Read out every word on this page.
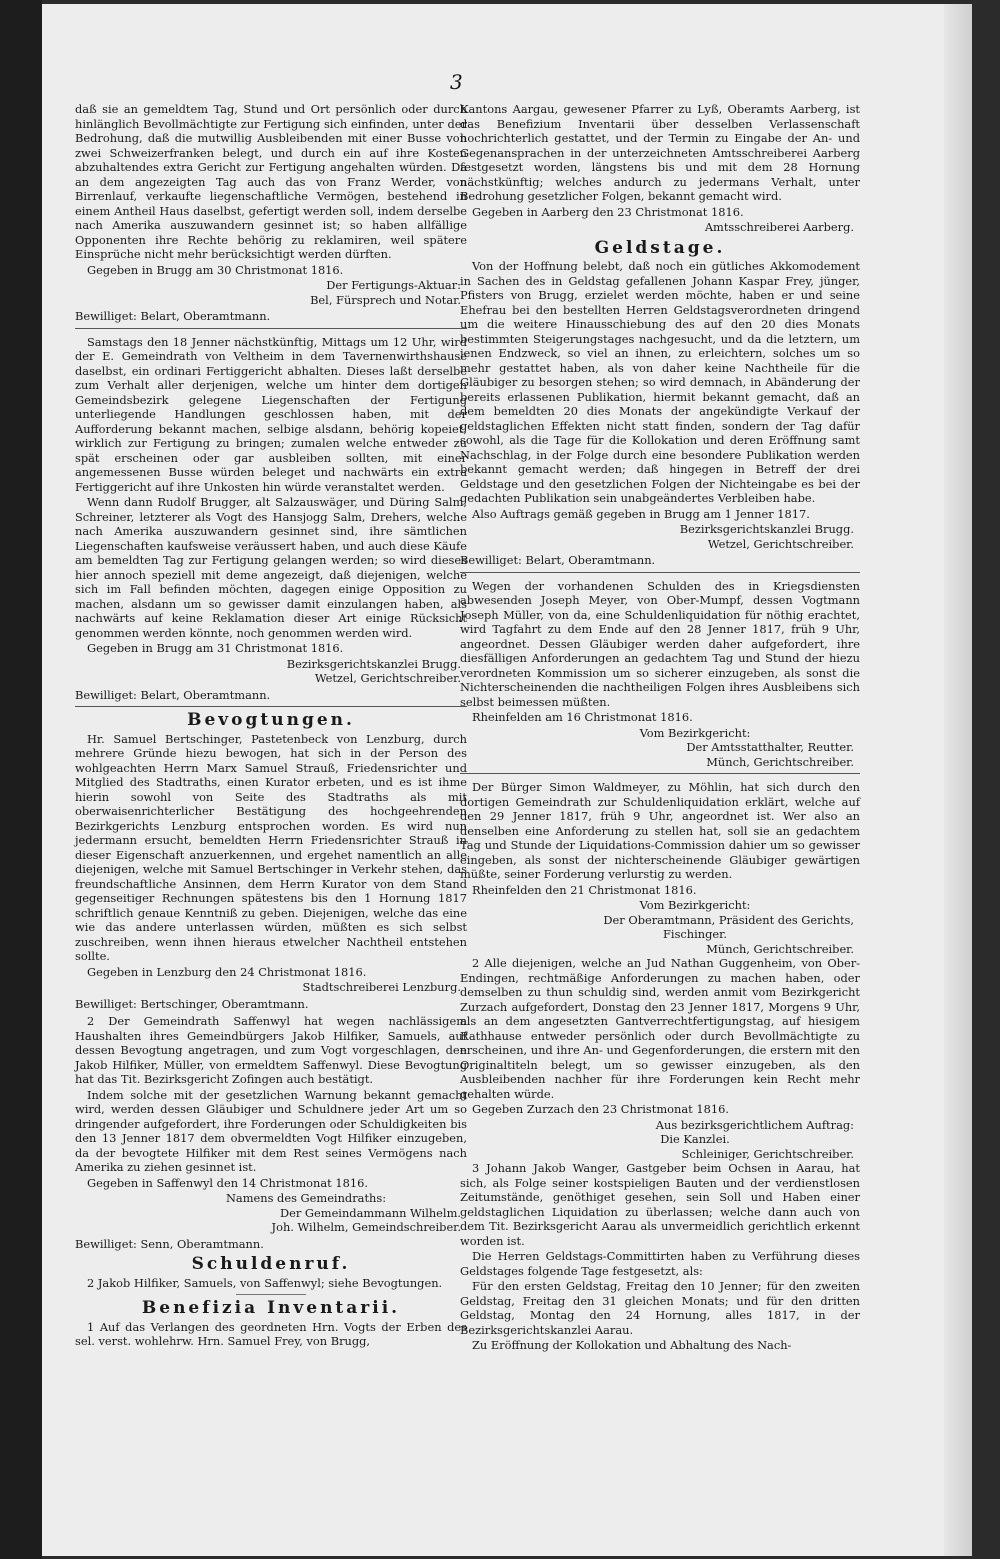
3

daß sie an gemeldtem Tag, Stund und Ort persönlich oder durch hinlänglich Bevollmächtigte zur Fertigung sich einfinden, unter der Bedrohung, daß die mutwillig Ausbleibenden mit einer Busse von zwei Schweizerfranken belegt, und durch ein auf ihre Kosten abzuhaltendes extra Gericht zur Fertigung angehalten würden. Da an dem angezeigten Tag auch das von Franz Werder, von Birrenlauf, verkaufte liegenschaftliche Vermögen, bestehend in einem Antheil Haus daselbst, gefertigt werden soll, indem derselbe nach Amerika auszuwandern gesinnet ist; so haben allfällige Opponenten ihre Rechte behörig zu reklamiren, weil spätere Einsprüche nicht mehr berücksichtigt werden dürften.

Gegeben in Brugg am 30 Christmonat 1816.

Der Fertigungs-Aktuar:

Bel, Fürsprech und Notar.

Bewilliget: Belart, Oberamtmann.

Samstags den 18 Jenner nächstkünftig, Mittags um 12 Uhr, wird der E. Gemeindrath von Veltheim in dem Tavernenwirthshause daselbst, ein ordinari Fertiggericht abhalten. Dieses laßt derselbe zum Verhalt aller derjenigen, welche um hinter dem dortigen Gemeindsbezirk gelegene Liegenschaften der Fertigung unterliegende Handlungen geschlossen haben, mit der Aufforderung bekannt machen, selbige alsdann, behörig kopeiet, wirklich zur Fertigung zu bringen; zumalen welche entweder zu spät erscheinen oder gar ausbleiben sollten, mit einer angemessenen Busse würden beleget und nachwärts ein extra Fertiggericht auf ihre Unkosten hin würde veranstaltet werden.

Wenn dann Rudolf Brugger, alt Salzauswäger, und Düring Salm, Schreiner, letzterer als Vogt des Hansjogg Salm, Drehers, welche nach Amerika auszuwandern gesinnet sind, ihre sämtlichen Liegenschaften kaufsweise veräussert haben, und auch diese Käufe am bemeldten Tag zur Fertigung gelangen werden; so wird dieses hier annoch speziell mit deme angezeigt, daß diejenigen, welche sich im Fall befinden möchten, dagegen einige Opposition zu machen, alsdann um so gewisser damit einzulangen haben, als nachwärts auf keine Reklamation dieser Art einige Rücksicht genommen werden könnte, noch genommen werden wird.

Gegeben in Brugg am 31 Christmonat 1816.

Bezirksgerichtskanzlei Brugg.

Wetzel, Gerichtschreiber.

Bewilliget: Belart, Oberamtmann.

Bevogtungen.

Hr. Samuel Bertschinger, Pastetenbeck von Lenzburg, durch mehrere Gründe hiezu bewogen, hat sich in der Person des wohlgeachten Herrn Marx Samuel Strauß, Friedensrichter und Mitglied des Stadtraths, einen Kurator erbeten, und es ist ihme hierin sowohl von Seite des Stadtraths als mit oberwaisenrichterlicher Bestätigung des hochgeehrenden Bezirkgerichts Lenzburg entsprochen worden. Es wird nun jedermann ersucht, bemeldten Herrn Friedensrichter Strauß in dieser Eigenschaft anzuerkennen, und ergehet namentlich an alle diejenigen, welche mit Samuel Bertschinger in Verkehr stehen, das freundschaftliche Ansinnen, dem Herrn Kurator von dem Stand gegenseitiger Rechnungen spätestens bis den 1 Hornung 1817 schriftlich genaue Kenntniß zu geben. Diejenigen, welche das eine wie das andere unterlassen würden, müßten es sich selbst zuschreiben, wenn ihnen hieraus etwelcher Nachtheil entstehen sollte.

Gegeben in Lenzburg den 24 Christmonat 1816.

Stadtschreiberei Lenzburg.

Bewilliget: Bertschinger, Oberamtmann.

2 Der Gemeindrath Saffenwyl hat wegen nachlässigem Haushalten ihres Gemeindbürgers Jakob Hilfiker, Samuels, auf dessen Bevogtung angetragen, und zum Vogt vorgeschlagen, den Jakob Hilfiker, Müller, von ermeldtem Saffenwyl. Diese Bevogtung hat das Tit. Bezirksgericht Zofingen auch bestätigt.

Indem solche mit der gesetzlichen Warnung bekannt gemacht wird, werden dessen Gläubiger und Schuldnere jeder Art um so dringender aufgefordert, ihre Forderungen oder Schuldigkeiten bis den 13 Jenner 1817 dem obvermeldten Vogt Hilfiker einzugeben, da der bevogtete Hilfiker mit dem Rest seines Vermögens nach Amerika zu ziehen gesinnet ist.

Gegeben in Saffenwyl den 14 Christmonat 1816.

Namens des Gemeindraths:

Der Gemeindammann Wilhelm.

Joh. Wilhelm, Gemeindschreiber.

Bewilliget: Senn, Oberamtmann.

Schuldenruf.

2 Jakob Hilfiker, Samuels, von Saffenwyl; siehe Bevogtungen.

Benefizia Inventarii.

1 Auf das Verlangen des geordneten Hrn. Vogts der Erben des sel. verst. wohlehrw. Hrn. Samuel Frey, von Brugg,

Kantons Aargau, gewesener Pfarrer zu Lyß, Oberamts Aarberg, ist das Benefizium Inventarii über desselben Verlassenschaft hochrichterlich gestattet, und der Termin zu Eingabe der An- und Gegenansprachen in der unterzeichneten Amtsschreiberei Aarberg festgesetzt worden, längstens bis und mit dem 28 Hornung nächstkünftig; welches andurch zu jedermans Verhalt, unter Bedrohung gesetzlicher Folgen, bekannt gemacht wird.

Gegeben in Aarberg den 23 Christmonat 1816.

Amtsschreiberei Aarberg.

Geldstage.

Von der Hoffnung belebt, daß noch ein gütliches Akkomodement in Sachen des in Geldstag gefallenen Johann Kaspar Frey, jünger, Pfisters von Brugg, erzielet werden möchte, haben er und seine Ehefrau bei den bestellten Herren Geldstagsverordneten dringend um die weitere Hinausschiebung des auf den 20 dies Monats bestimmten Steigerungstages nachgesucht, und da die letztern, um jenen Endzweck, so viel an ihnen, zu erleichtern, solches um so mehr gestattet haben, als von daher keine Nachtheile für die Gläubiger zu besorgen stehen; so wird demnach, in Abänderung der bereits erlassenen Publikation, hiermit bekannt gemacht, daß an dem bemeldten 20 dies Monats der angekündigte Verkauf der geldstaglichen Effekten nicht statt finden, sondern der Tag dafür sowohl, als die Tage für die Kollokation und deren Eröffnung samt Nachschlag, in der Folge durch eine besondere Publikation werden bekannt gemacht werden; daß hingegen in Betreff der drei Geldstage und den gesetzlichen Folgen der Nichteingabe es bei der gedachten Publikation sein unabgeändertes Verbleiben habe.

Also Auftrags gemäß gegeben in Brugg am 1 Jenner 1817.

Bezirksgerichtskanzlei Brugg.

Wetzel, Gerichtschreiber.

Bewilliget: Belart, Oberamtmann.

Wegen der vorhandenen Schulden des in Kriegsdiensten abwesenden Joseph Meyer, von Ober-Mumpf, dessen Vogtmann Joseph Müller, von da, eine Schuldenliquidation für nöthig erachtet, wird Tagfahrt zu dem Ende auf den 28 Jenner 1817, früh 9 Uhr, angeordnet. Dessen Gläubiger werden daher aufgefordert, ihre diesfälligen Anforderungen an gedachtem Tag und Stund der hiezu verordneten Kommission um so sicherer einzugeben, als sonst die Nichterscheinenden die nachtheiligen Folgen ihres Ausbleibens sich selbst beimessen müßten.

Rheinfelden am 16 Christmonat 1816.

Vom Bezirkgericht:

Der Amtsstatthalter, Reutter.

Münch, Gerichtschreiber.

Der Bürger Simon Waldmeyer, zu Möhlin, hat sich durch den dortigen Gemeindrath zur Schuldenliquidation erklärt, welche auf den 29 Jenner 1817, früh 9 Uhr, angeordnet ist. Wer also an denselben eine Anforderung zu stellen hat, soll sie an gedachtem Tag und Stunde der Liquidations-Commission dahier um so gewisser eingeben, als sonst der nichterscheinende Gläubiger gewärtigen müßte, seiner Forderung verlurstig zu werden.

Rheinfelden den 21 Christmonat 1816.

Vom Bezirkgericht:

Der Oberamtmann, Präsident des Gerichts,

Fischinger.

Münch, Gerichtschreiber.

2 Alle diejenigen, welche an Jud Nathan Guggenheim, von Ober-Endingen, rechtmäßige Anforderungen zu machen haben, oder demselben zu thun schuldig sind, werden anmit vom Bezirkgericht Zurzach aufgefordert, Donstag den 23 Jenner 1817, Morgens 9 Uhr, als an dem angesetzten Gantverrechtfertigungstag, auf hiesigem Rathhause entweder persönlich oder durch Bevollmächtigte zu erscheinen, und ihre An- und Gegenforderungen, die erstern mit den Originaltiteln belegt, um so gewisser einzugeben, als den Ausbleibenden nachher für ihre Forderungen kein Recht mehr gehalten würde.

Gegeben Zurzach den 23 Christmonat 1816.

Aus bezirksgerichtlichem Auftrag:

Die Kanzlei.

Schleiniger, Gerichtschreiber.

3 Johann Jakob Wanger, Gastgeber beim Ochsen in Aarau, hat sich, als Folge seiner kostspieligen Bauten und der verdienstlosen Zeitumstände, genöthiget gesehen, sein Soll und Haben einer geldstaglichen Liquidation zu überlassen; welche dann auch von dem Tit. Bezirksgericht Aarau als unvermeidlich gerichtlich erkennt worden ist.

Die Herren Geldstags-Committirten haben zu Verführung dieses Geldstages folgende Tage festgesetzt, als:

Für den ersten Geldstag, Freitag den 10 Jenner; für den zweiten Geldstag, Freitag den 31 gleichen Monats; und für den dritten Geldstag, Montag den 24 Hornung, alles 1817, in der Bezirksgerichtskanzlei Aarau.

Zu Eröffnung der Kollokation und Abhaltung des Nach-
